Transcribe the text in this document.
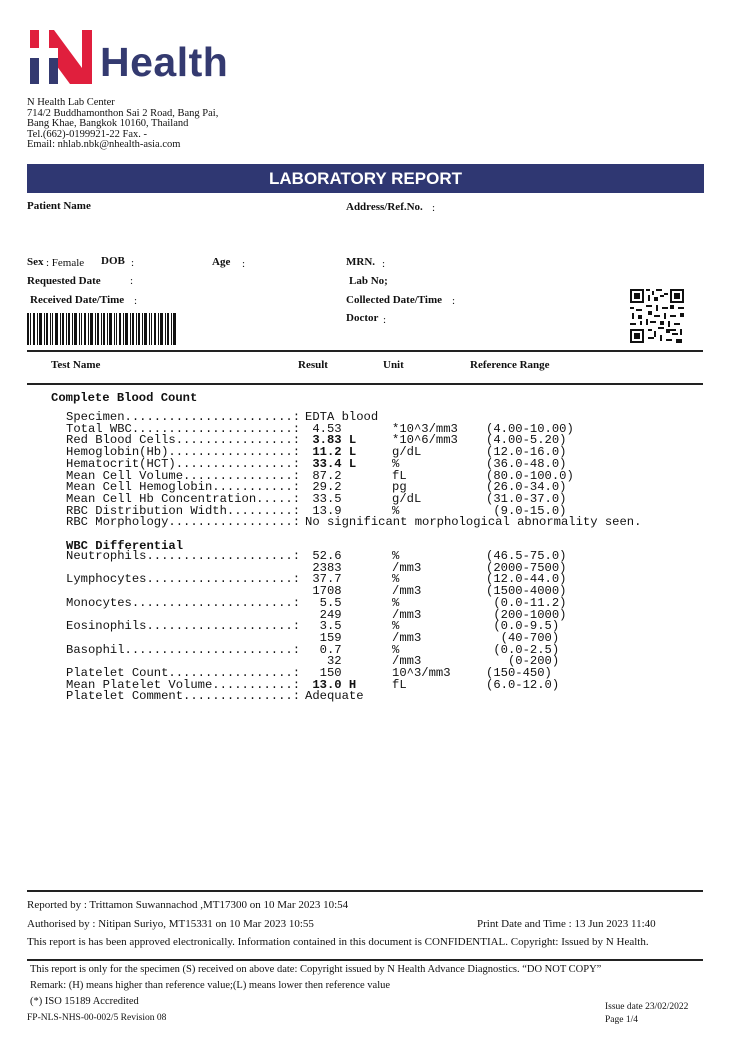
Health
N Health Lab Center
714/2 Buddhamonthon Sai 2 Road, Bang Pai,
Bang Khae, Bangkok 10160, Thailand
Tel.(662)-0199921-22 Fax. -
Email: nhlab.nbk@nhealth-asia.com
LABORATORY REPORT
Patient Name	Address/Ref.No. :
Sex : Female DOB :	Age :	MRN. :
Requested Date	:	Lab No;
Received Date/Time :	Collected Date/Time :
Doctor :
Test Name	Result	Unit	Reference Range
Complete Blood Count
Specimen.......................: EDTA blood
Total WBC......................: 4.53	*10^3/mm3 (4.00-10.00)
Red Blood Cells................: 3.83 L	*10^6/mm3 (4.00-5.20)
Hemoglobin(Hb).................: 11.2 L	g/dL	(12.0-16.0)
Hematocrit(HCT)................: 33.4 L	%	(36.0-48.0)
Mean Cell Volume...............: 87.2	fL	(80.0-100.0)
Mean Cell Hemoglobin...........: 29.2	pg	(26.0-34.0)
Mean Cell Hb Concentration.....: 33.5	g/dL	(31.0-37.0)
RBC Distribution Width.........: 13.9	%	(9.0-15.0)
RBC Morphology.................: No significant morphological abnormality seen.
WBC Differential
Neutrophils....................: 52.6	%	(46.5-75.0)
2383	/mm3	(2000-7500)
Lymphocytes....................: 37.7	%	(12.0-44.0)
1708	/mm3	(1500-4000)
Monocytes......................: 5.5	%	(0.0-11.2)
249	/mm3	(200-1000)
Eosinophils....................: 3.5	%	(0.0-9.5)
159	/mm3	(40-700)
Basophil.......................: 0.7	%	(0.0-2.5)
32	/mm3	(0-200)
Platelet Count.................: 150	10^3/mm3	(150-450)
Mean Platelet Volume...........: 13.0 H	fL	(6.0-12.0)
Platelet Comment...............: Adequate
Reported by : Trittamon Suwannachod ,MT17300 on 10 Mar 2023 10:54
Authorised by : Nitipan Suriyo, MT15331 on 10 Mar 2023 10:55	Print Date and Time : 13 Jun 2023 11:40
This report is has been approved electronically. Information contained in this document is CONFIDENTIAL. Copyright: Issued by N Health.
This report is only for the specimen (S) received on above date: Copyright issued by N Health Advance Diagnostics. “DO NOT COPY”
Remark: (H) means higher than reference value;(L) means lower then reference value
(*) ISO 15189 Accredited
FP-NLS-NHS-00-002/5 Revision 08
Issue date 23/02/2022
Page 1/4
